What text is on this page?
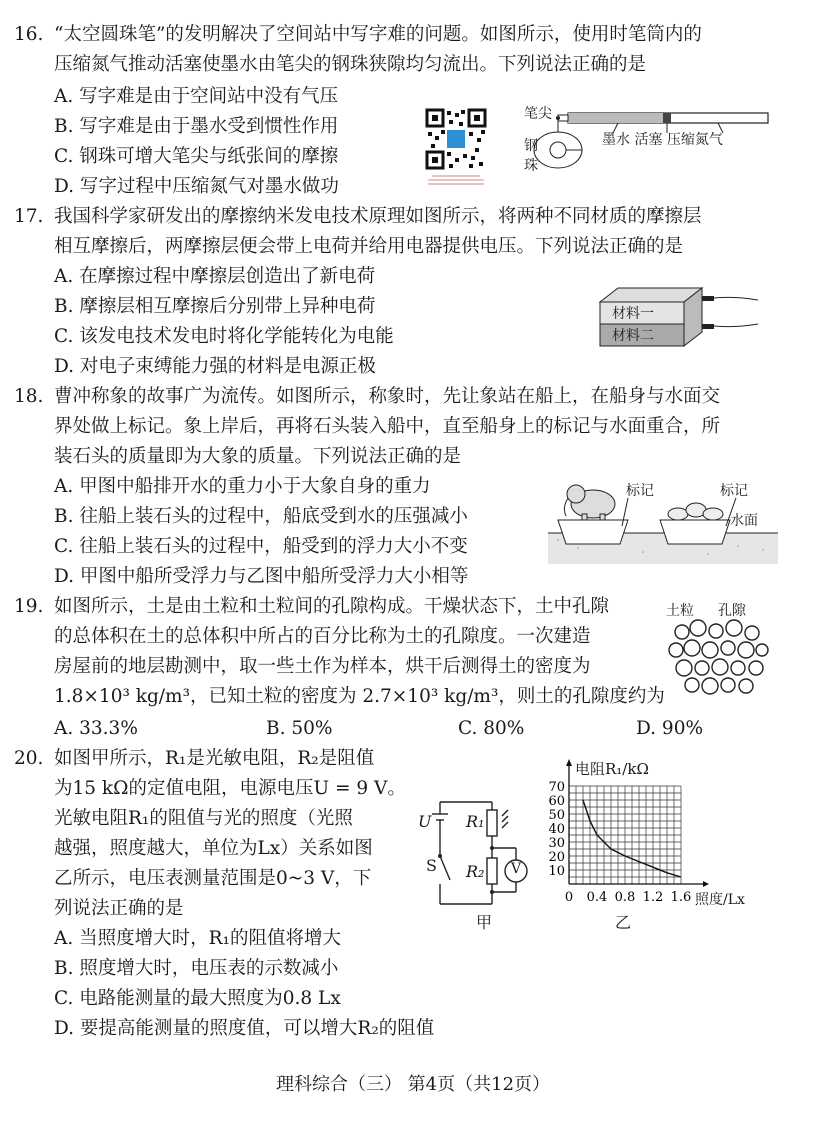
16. “太空圆珠笔”的发明解决了空间站中写字难的问题。如图所示，使用时笔筒内的
压缩氮气推动活塞使墨水由笔尖的钢珠狭隙均匀流出。下列说法正确的是
A. 写字难是由于空间站中没有气压
B. 写字难是由于墨水受到惯性作用
C. 钢珠可增大笔尖与纸张间的摩擦
D. 写字过程中压缩氮气对墨水做功
笔尖
钢
珠
墨水 活塞 压缩氮气
17. 我国科学家研发出的摩擦纳米发电技术原理如图所示，将两种不同材质的摩擦层
相互摩擦后，两摩擦层便会带上电荷并给用电器提供电压。下列说法正确的是
A. 在摩擦过程中摩擦层创造出了新电荷
B. 摩擦层相互摩擦后分别带上异种电荷
C. 该发电技术发电时将化学能转化为电能
D. 对电子束缚能力强的材料是电源正极
材料一
材料二
18. 曹冲称象的故事广为流传。如图所示，称象时，先让象站在船上，在船身与水面交
界处做上标记。象上岸后，再将石头装入船中，直至船身上的标记与水面重合，所
装石头的质量即为大象的质量。下列说法正确的是
A. 甲图中船排开水的重力小于大象自身的重力
B. 往船上装石头的过程中，船底受到水的压强减小
C. 往船上装石头的过程中，船受到的浮力大小不变
D. 甲图中船所受浮力与乙图中船所受浮力大小相等
标记	标记
水面
19. 如图所示，土是由土粒和土粒间的孔隙构成。干燥状态下，土中孔隙
的总体积在土的总体积中所占的百分比称为土的孔隙度。一次建造
房屋前的地层勘测中，取一些土作为样本，烘干后测得土的密度为
1.8×10³ kg/m³，已知土粒的密度为 2.7×10³ kg/m³，则土的孔隙度约为
A. 33.3%	B. 50%	C. 80%	D. 90%
土粒 孔隙
20. 如图甲所示，R₁是光敏电阻，R₂是阻值
为15 kΩ的定值电阻，电源电压U = 9 V。
光敏电阻R₁的阻值与光的照度（光照
越强，照度越大，单位为Lx）关系如图
乙所示，电压表测量范围是0~3 V，下
列说法正确的是
A. 当照度增大时，R₁的阻值将增大
B. 照度增大时，电压表的示数减小
C. 电路能测量的最大照度为0.8 Lx
D. 要提高能测量的照度值，可以增大R₂的阻值
U
S
R₁
R₂ V
甲
10
20
30
40
50
60
70
0 0.4 0.8 1.2 1.6
电阻R₁/kΩ
照度/Lx
乙
理科综合（三） 第4页（共12页）
